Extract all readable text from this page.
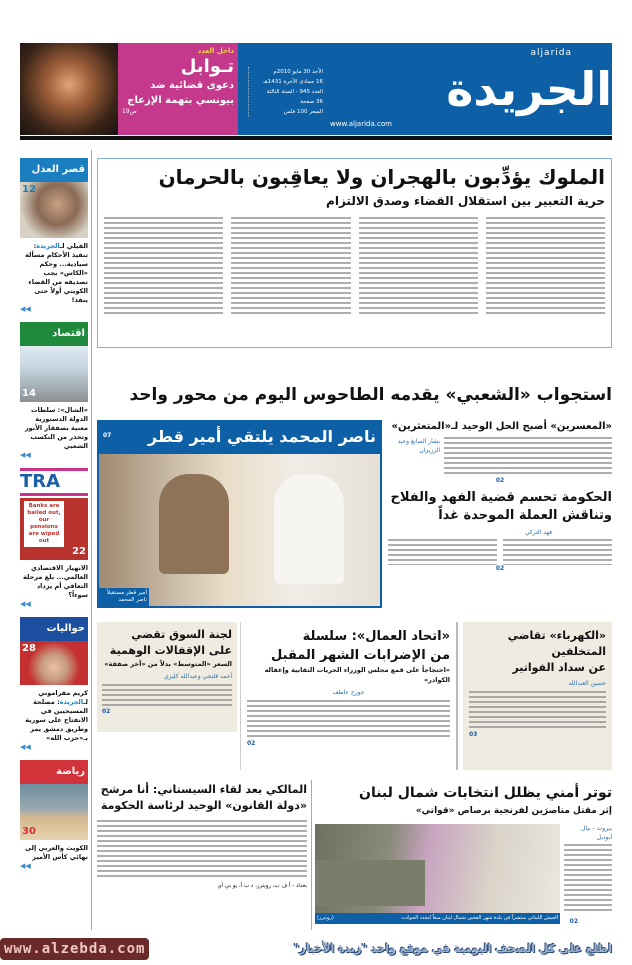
داخل العدد
تـوابل
دعوى قضائية ضد
بيونسي بتهمة الإزعاج
ص19
الأحد 30 مايو 2010م
16 جمادى الآخرة 1431هـ
العدد 945 - السنة الثالثة
36 صفحة
السعر 100 فلس
aljarida
الجريدة
www.aljarida.com
قصر العدل
12
الفيلي لـالجريدة: تنفيذ الأحكام مسألة سيادية... وحكم «الكاس» يجب تصديقه من القضاء الكويتي أولاً حتى ينفذ!
◀◀
اقتصاد
14
«الشال»: سلطات الدولة الدستورية معنية بصفقار الأبور وتحذر من التكسب الشعبي
◀◀
TRA
Banks are bailed out, our pensions are wiped out
22
الانهيار الاقتصادي العالمي... بلغ مرحلة التعافي أم يزداد سوءاً؟
◀◀
حواليات
28
كريم مقراموني لـالجريدة: مصلحة المسيحيين في الانفتاح على سورية وطريق دمشق يمر بـ«حزب الله»
◀◀
رياضة
30
الكويت والعربي إلى نهائي كأس الأمير
◀◀
الملوك يؤدِّبون بالهجران ولا يعاقِبون بالحرمان
حرية التعبير بين استقلال القضاء وصدق الالتزام
استجواب «الشعبي» يقدمه الطاحوس اليوم من محور واحد
ناصر المحمد يلتقي أمير قطر
07
أمير قطر مستقبلاً ناصر المحمد
«المعسرين» أصبح الحل الوحيد لـ«المتعثرين»
بشار الصايغ وعبد الرزيزان
02
الحكومة تحسم قضية الفهد والفلاح
وتناقش العملة الموحدة غداً
فهد التركي
02
«الكهرباء» تقاضي المتخلفين
عن سداد الفواتير
حسين العبدالله
03
«اتحاد العمال»: سلسلة
من الإضرابات الشهر المقبل
«احتجاجاً على قمع مجلس الوزراء الحريات النقابية وإغفاله الكوادر»
جورج عاطف
02
لجنة السوق تقضي
على الإقفالات الوهمية
السعر «المتوسط» بدلاً من «آخر صفقة»
أحمد قلنجي وعبدالله كليزي
02
توتر أمني يظلل انتخابات شمال لبنان
إثر مقتل مناصرَين لفرنجية برصاص «قواتي»
الجيش اللبناني منتشراً في بلدة شهر الفحين شمال لبنان منعاً لتجدد الحوادث
(رويترز)
بيروت - نيال أبوديل
02
المالكي بعد لقاء السيستاني: أنا مرشح
«دولة القانون» الوحيد لرئاسة الحكومة
بغداد - أ ف ب، رويترز، د ب أ، يو بي آي
www.alzebda.com	اطلع على كل الصحف اليومية في موقع واحد "زبدة الأخبار"
